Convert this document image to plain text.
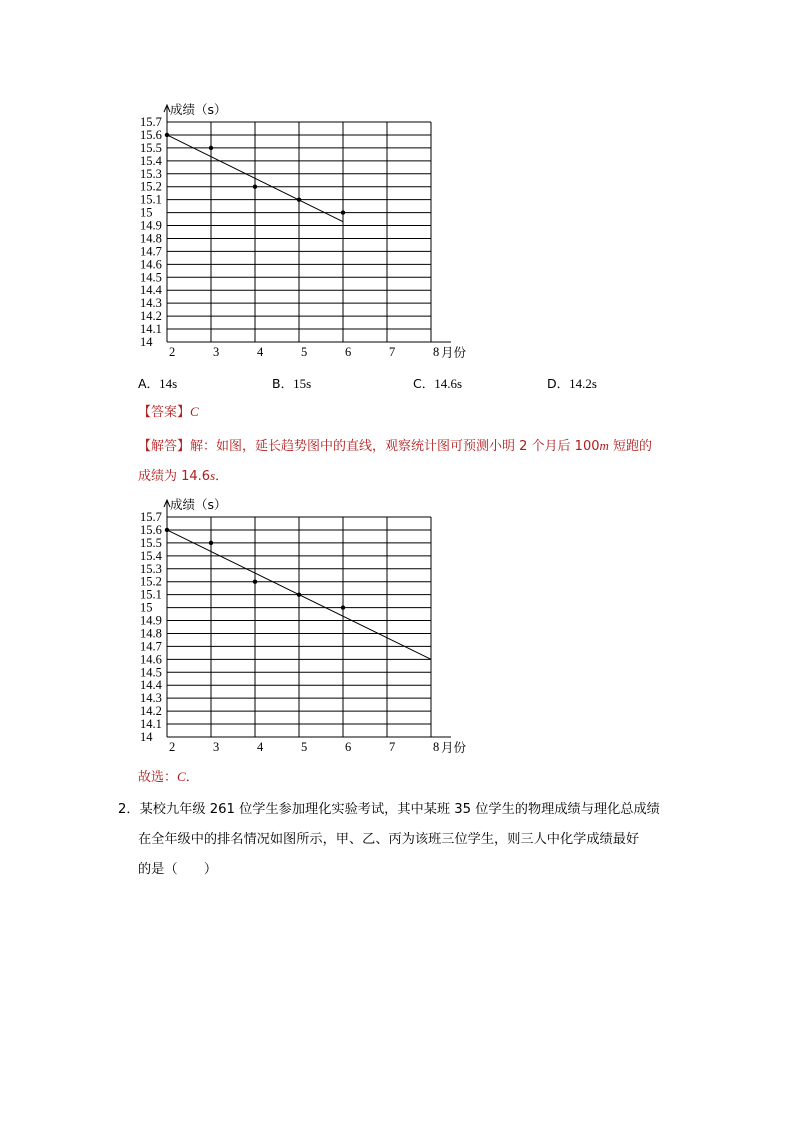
成绩（s）
月份
14
14.1
14.2
14.3
14.4
14.5
14.6
14.7
14.8
14.9
15
15.1
15.2
15.3
15.4
15.5
15.6
15.7
2	3	4	5	6	7	8
A．14s	B．15s	C．14.6s	D．14.2s
【答案】C
【解答】解：如图，延长趋势图中的直线，观察统计图可预测小明 2 个月后 100m 短跑的
成绩为 14.6s．
成绩（s）
月份
14
14.1
14.2
14.3
14.4
14.5
14.6
14.7
14.8
14.9
15
15.1
15.2
15.3
15.4
15.5
15.6
15.7
2	3	4	5	6	7	8
故选：C．
2．某校九年级 261 位学生参加理化实验考试，其中某班 35 位学生的物理成绩与理化总成绩
在全年级中的排名情况如图所示，甲、乙、丙为该班三位学生，则三人中化学成绩最好
的是（　　）
